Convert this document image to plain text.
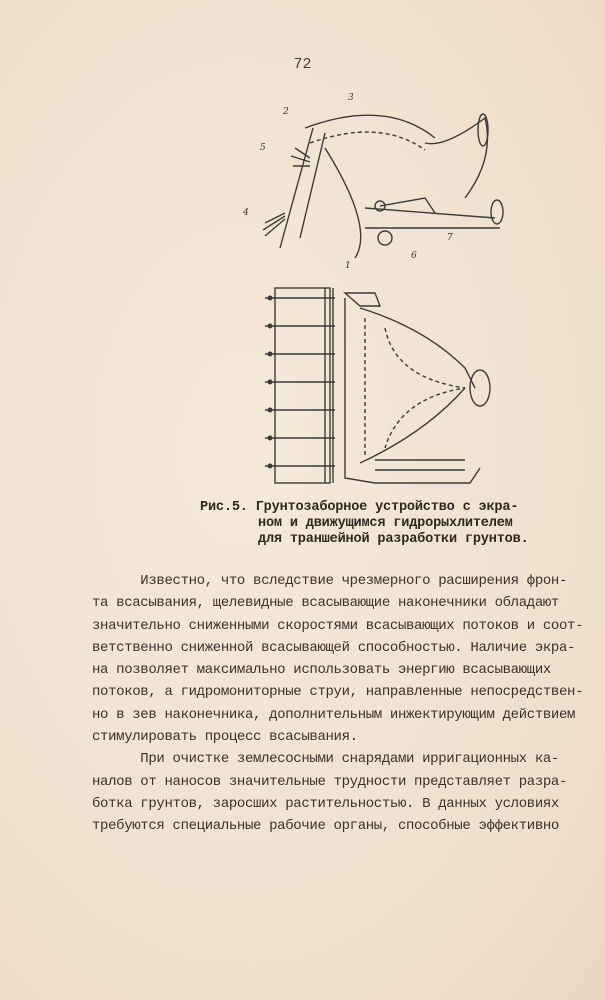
72
1
2
3
4
5
6
7
Рис.5. Грунтозаборное устройство с экра-
ном и движущимся гидрорыхлителем
для траншейной разработки грунтов.
Известно, что вследствие чрезмерного расширения фрон-
та всасывания, щелевидные всасывающие наконечники обладают
значительно сниженными скоростями всасывающих потоков и соот-
ветственно сниженной всасывающей способностью. Наличие экра-
на позволяет максимально использовать энергию всасывающих
потоков, а гидромониторные струи, направленные непосредствен-
но в зев наконечника, дополнительным инжектирующим действием
стимулировать процесс всасывания.
При очистке землесосными снарядами ирригационных ка-
налов от наносов значительные трудности представляет разра-
ботка грунтов, заросших растительностью. В данных условиях
требуются специальные рабочие органы, способные эффективно
